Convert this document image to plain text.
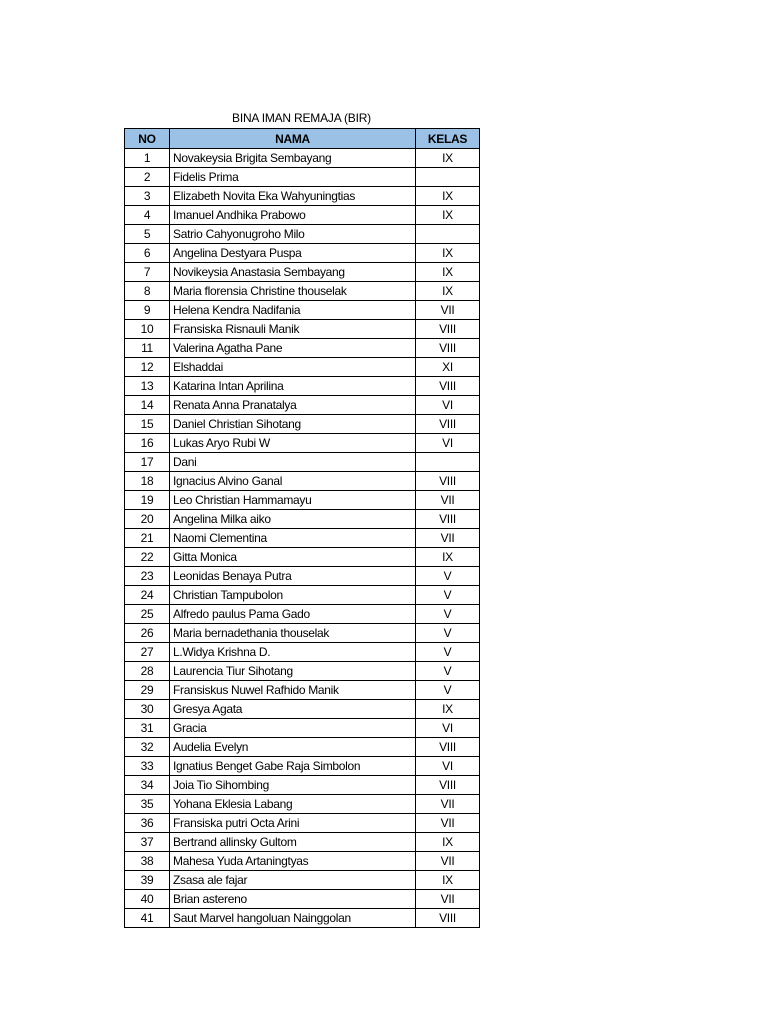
BINA IMAN REMAJA (BIR)
NO	NAMA	KELAS
1	Novakeysia Brigita Sembayang	IX
2	Fidelis Prima	
3	Elizabeth Novita Eka Wahyuningtias	IX
4	Imanuel Andhika Prabowo	IX
5	Satrio Cahyonugroho Milo	
6	Angelina Destyara Puspa	IX
7	Novikeysia Anastasia Sembayang	IX
8	Maria florensia Christine thouselak	IX
9	Helena Kendra Nadifania	VII
10	Fransiska Risnauli Manik	VIII
11	Valerina Agatha Pane	VIII
12	Elshaddai	XI
13	Katarina Intan Aprilina	VIII
14	Renata Anna Pranatalya	VI
15	Daniel Christian Sihotang	VIII
16	Lukas Aryo Rubi W	VI
17	Dani	
18	Ignacius Alvino Ganal	VIII
19	Leo Christian Hammamayu	VII
20	Angelina Milka aiko	VIII
21	Naomi Clementina	VII
22	Gitta Monica	IX
23	Leonidas Benaya Putra	V
24	Christian Tampubolon	V
25	Alfredo paulus Pama Gado	V
26	Maria bernadethania thouselak	V
27	L.Widya Krishna D.	V
28	Laurencia Tiur Sihotang	V
29	Fransiskus Nuwel Rafhido Manik	V
30	Gresya Agata	IX
31	Gracia	VI
32	Audelia Evelyn	VIII
33	Ignatius Benget Gabe Raja Simbolon	VI
34	Joia Tio Sihombing	VIII
35	Yohana Eklesia Labang	VII
36	Fransiska putri Octa Arini	VII
37	Bertrand allinsky Gultom	IX
38	Mahesa Yuda Artaningtyas	VII
39	Zsasa ale fajar	IX
40	Brian astereno	VII
41	Saut Marvel hangoluan Nainggolan	VIII
